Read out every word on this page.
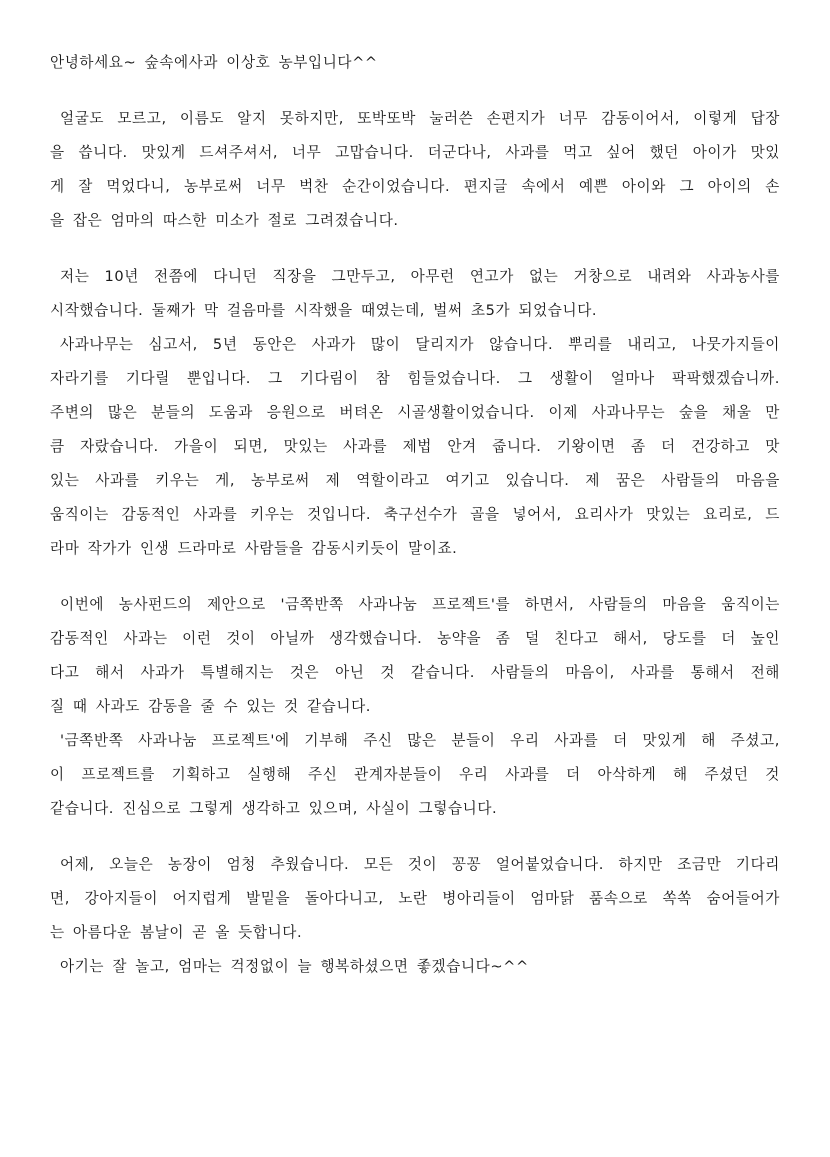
안녕하세요~ 숲속에사과 이상호 농부입니다^^
얼굴도 모르고, 이름도 알지 못하지만, 또박또박 눌러쓴 손편지가 너무 감동이어서, 이렇게 답장
을 씁니다. 맛있게 드셔주셔서, 너무 고맙습니다. 더군다나, 사과를 먹고 싶어 했던 아이가 맛있
게 잘 먹었다니, 농부로써 너무 벅찬 순간이었습니다. 편지글 속에서 예쁜 아이와 그 아이의 손
을 잡은 엄마의 따스한 미소가 절로 그려졌습니다.
저는 10년 전쯤에 다니던 직장을 그만두고, 아무런 연고가 없는 거창으로 내려와 사과농사를
시작했습니다. 둘째가 막 걸음마를 시작했을 때였는데, 벌써 초5가 되었습니다.
사과나무는 심고서, 5년 동안은 사과가 많이 달리지가 않습니다. 뿌리를 내리고, 나뭇가지들이
자라기를 기다릴 뿐입니다. 그 기다림이 참 힘들었습니다. 그 생활이 얼마나 팍팍했겠습니까.
주변의 많은 분들의 도움과 응원으로 버텨온 시골생활이었습니다. 이제 사과나무는 숲을 채울 만
큼 자랐습니다. 가을이 되면, 맛있는 사과를 제법 안겨 줍니다. 기왕이면 좀 더 건강하고 맛
있는 사과를 키우는 게, 농부로써 제 역할이라고 여기고 있습니다. 제 꿈은 사람들의 마음을
움직이는 감동적인 사과를 키우는 것입니다. 축구선수가 골을 넣어서, 요리사가 맛있는 요리로, 드
라마 작가가 인생 드라마로 사람들을 감동시키듯이 말이죠.
이번에 농사펀드의 제안으로 '금쪽반쪽 사과나눔 프로젝트'를 하면서, 사람들의 마음을 움직이는
감동적인 사과는 이런 것이 아닐까 생각했습니다. 농약을 좀 덜 친다고 해서, 당도를 더 높인
다고 해서 사과가 특별해지는 것은 아닌 것 같습니다. 사람들의 마음이, 사과를 통해서 전해
질 때 사과도 감동을 줄 수 있는 것 같습니다.
'금쪽반쪽 사과나눔 프로젝트'에 기부해 주신 많은 분들이 우리 사과를 더 맛있게 해 주셨고,
이 프로젝트를 기획하고 실행해 주신 관계자분들이 우리 사과를 더 아삭하게 해 주셨던 것
같습니다. 진심으로 그렇게 생각하고 있으며, 사실이 그렇습니다.
어제, 오늘은 농장이 엄청 추웠습니다. 모든 것이 꽁꽁 얼어붙었습니다. 하지만 조금만 기다리
면, 강아지들이 어지럽게 발밑을 돌아다니고, 노란 병아리들이 엄마닭 품속으로 쏙쏙 숨어들어가
는 아름다운 봄날이 곧 올 듯합니다.
아기는 잘 놀고, 엄마는 걱정없이 늘 행복하셨으면 좋겠습니다~^^
